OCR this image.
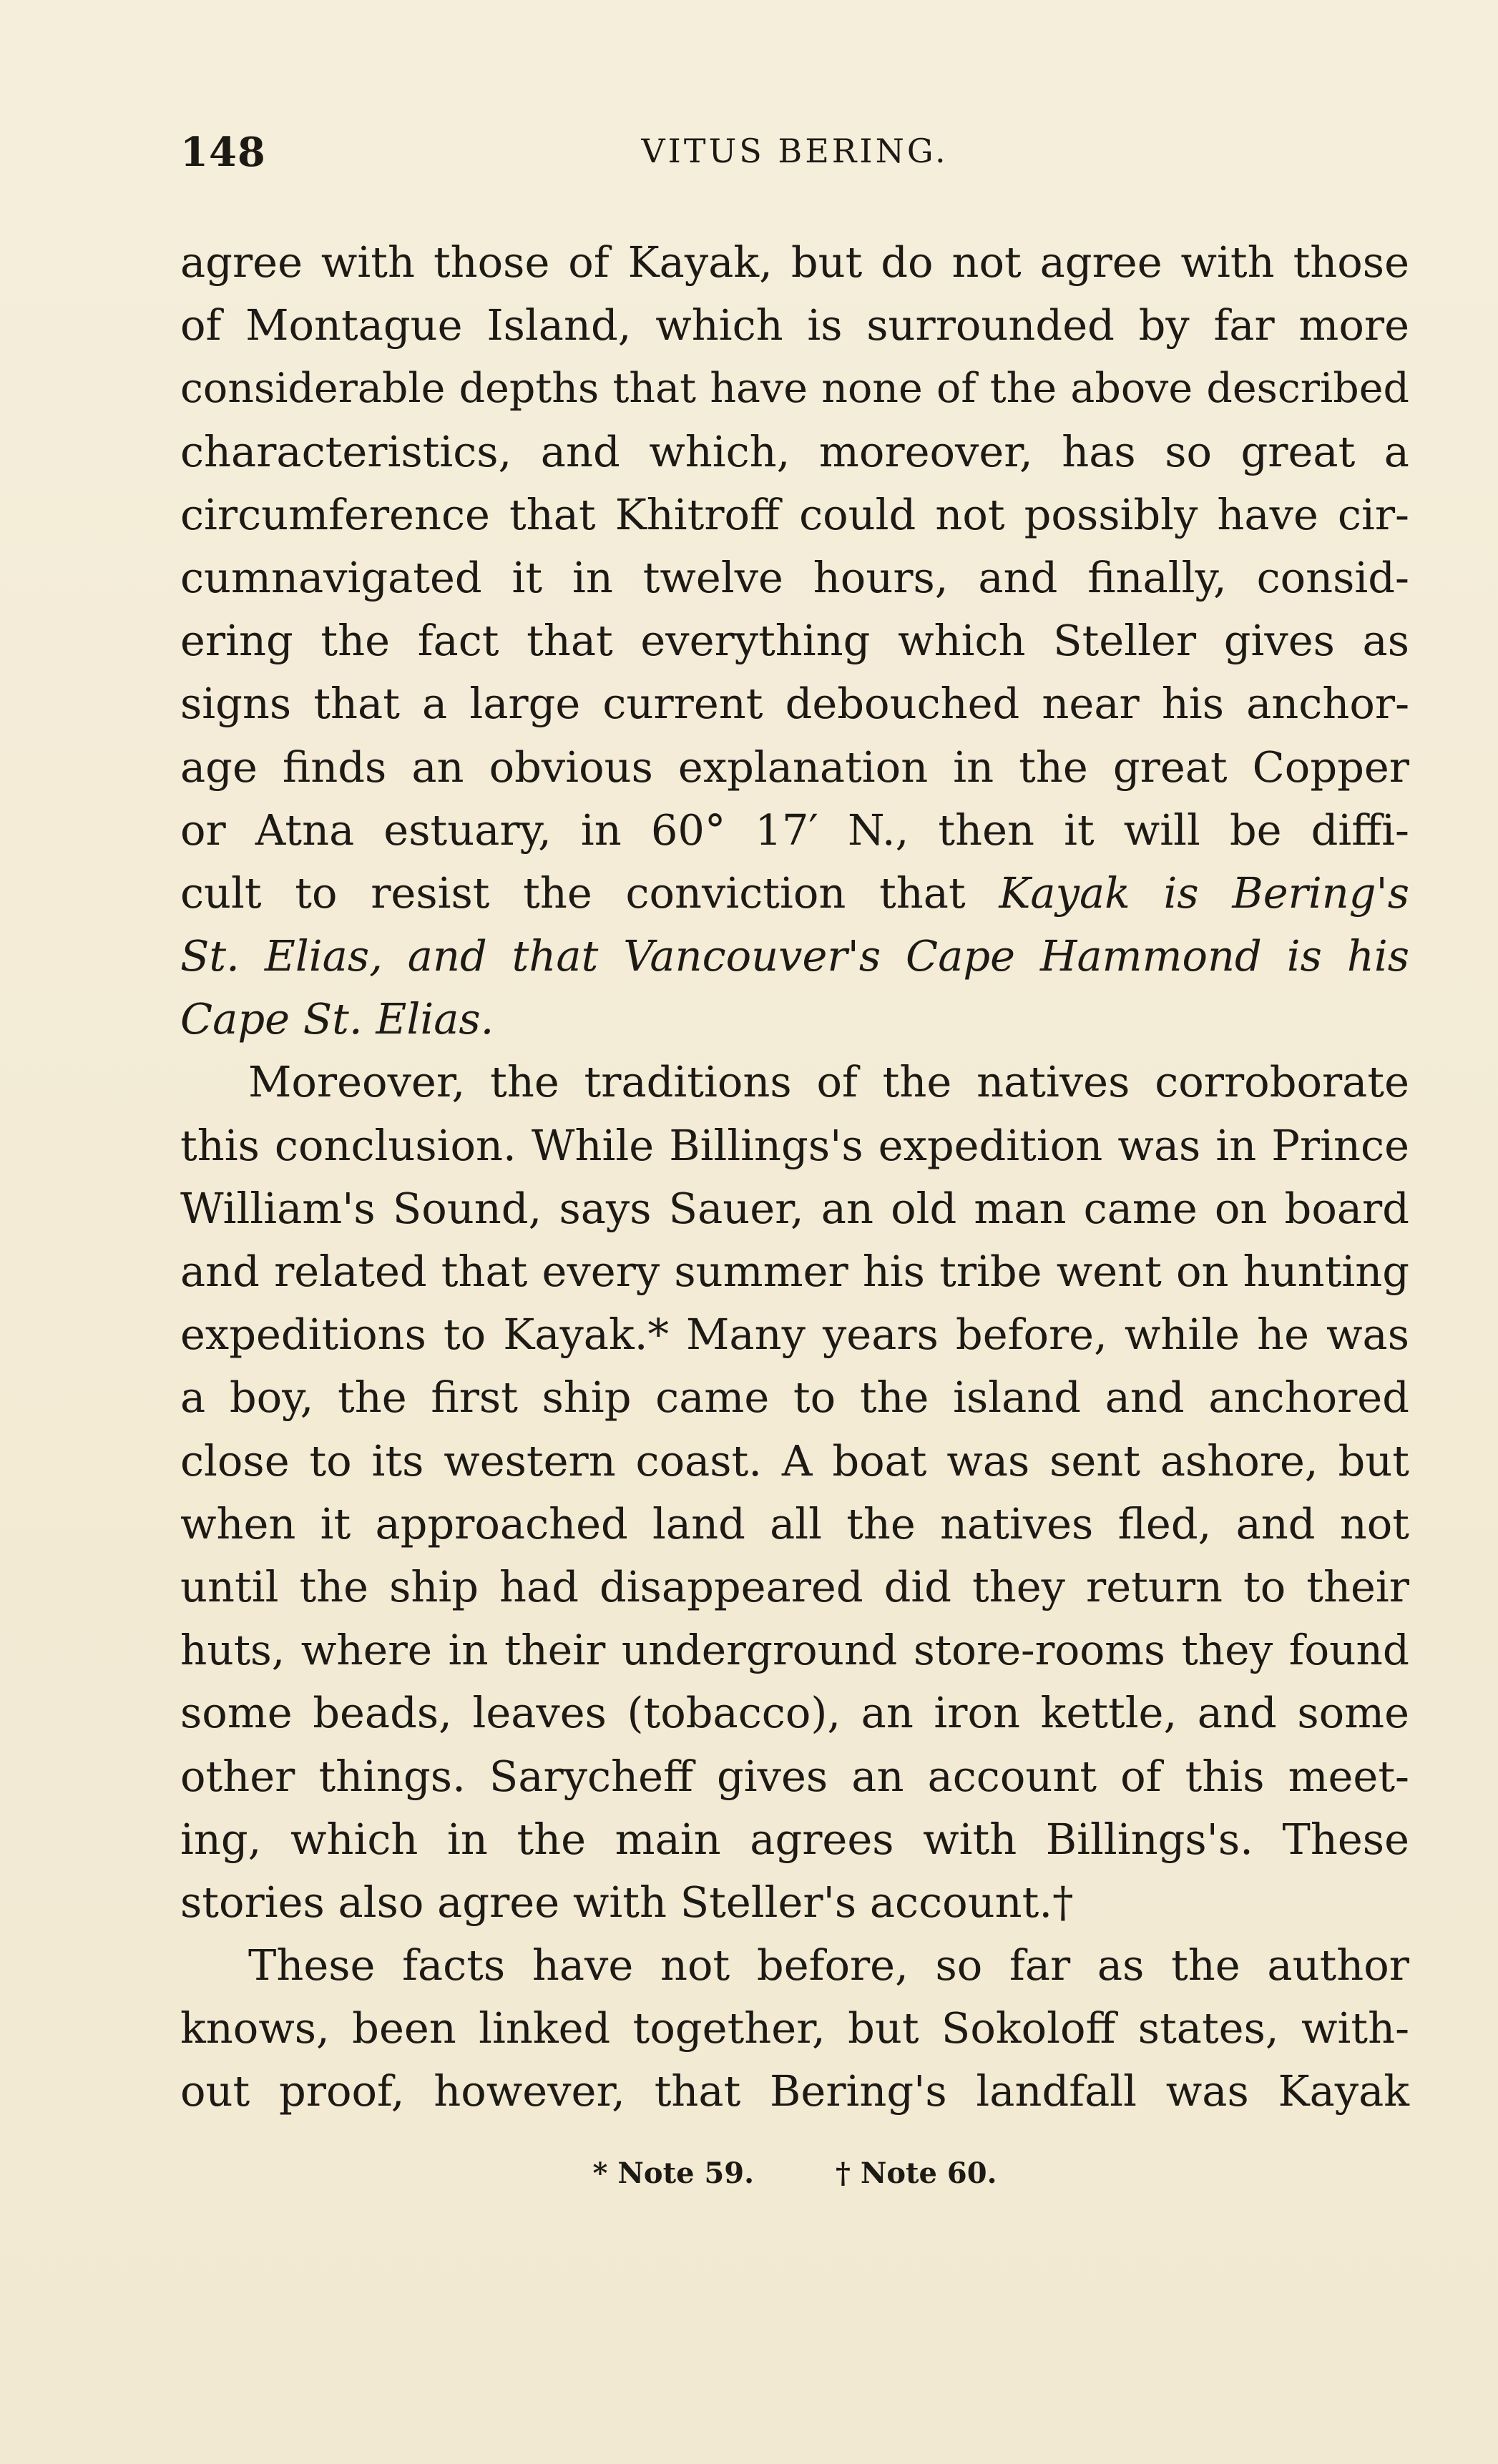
148	VITUS BERING.
agree with those of Kayak, but do not agree with those
of Montague Island, which is surrounded by far more
considerable depths that have none of the above described
characteristics, and which, moreover, has so great a
circumference that Khitroff could not possibly have cir-
cumnavigated it in twelve hours, and finally, consid-
ering the fact that everything which Steller gives as
signs that a large current debouched near his anchor-
age finds an obvious explanation in the great Copper
or Atna estuary, in 60° 17′ N., then it will be diffi-
cult to resist the conviction that Kayak is Bering's
St. Elias, and that Vancouver's Cape Hammond is his
Cape St. Elias.
Moreover, the traditions of the natives corroborate
this conclusion. While Billings's expedition was in Prince
William's Sound, says Sauer, an old man came on board
and related that every summer his tribe went on hunting
expeditions to Kayak.* Many years before, while he was
a boy, the first ship came to the island and anchored
close to its western coast. A boat was sent ashore, but
when it approached land all the natives fled, and not
until the ship had disappeared did they return to their
huts, where in their underground store-rooms they found
some beads, leaves (tobacco), an iron kettle, and some
other things. Sarycheff gives an account of this meet-
ing, which in the main agrees with Billings's. These
stories also agree with Steller's account.†
These facts have not before, so far as the author
knows, been linked together, but Sokoloff states, with-
out proof, however, that Bering's landfall was Kayak
* Note 59.	† Note 60.
